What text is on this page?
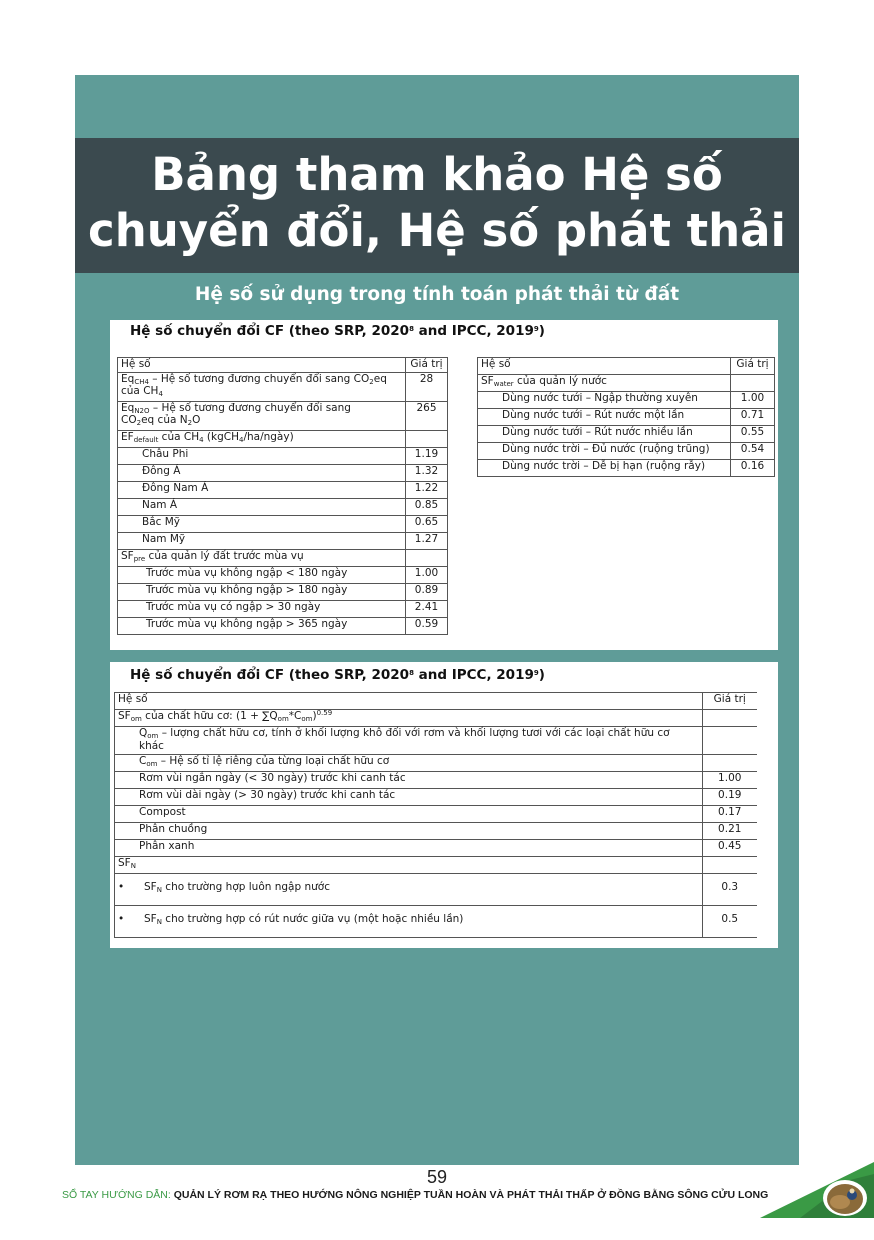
Bảng tham khảo Hệ số
chuyển đổi, Hệ số phát thải
Hệ số sử dụng trong tính toán phát thải từ đất
Hệ số chuyển đổi CF (theo SRP, 2020$^8$ and IPCC, 2019$^9$)
Hệ số	Giá trị
$Eq_{CH4}$ – Hệ số tương đương chuyển đổi sang $CO_2eq$
của $CH_4$	28
$Eq_{N2O}$ – Hệ số tương đương chuyển đổi sang
$CO_2eq$ của $N_2O$	265
$EF_{default}$ của $CH_4$ (kgCH$_4$/ha/ngày)	
Châu Phi	1.19
Đông Á	1.32
Đông Nam Á	1.22
Nam Á	0.85
Bắc Mỹ	0.65
Nam Mỹ	1.27
$SF_{pre}$ của quản lý đất trước mùa vụ	
Trước mùa vụ không ngập < 180 ngày	1.00
Trước mùa vụ không ngập > 180 ngày	0.89
Trước mùa vụ có ngập > 30 ngày	2.41
Trước mùa vụ không ngập > 365 ngày	0.59
Hệ số	Giá trị
$SF_{water}$ của quản lý nước	
Dùng nước tưới – Ngập thường xuyên	1.00
Dùng nước tưới – Rút nước một lần	0.71
Dùng nước tưới – Rút nước nhiều lần	0.55
Dùng nước trời – Đủ nước (ruộng trũng)	0.54
Dùng nước trời – Dễ bị hạn (ruộng rẫy)	0.16
Hệ số chuyển đổi CF (theo SRP, 2020$^8$ and IPCC, 2019$^9$)
Hệ số	Giá trị
$SF_{om}$ của chất hữu cơ: $(1 + \sum Q_{om}*C_{om})^{0.59}$	
$Q_{om}$ – lượng chất hữu cơ, tính ở khối lượng khô đối với rơm và khối lượng tươi với các loại chất hữu cơ
khác	
$C_{om}$ – Hệ số tỉ lệ riêng của từng loại chất hữu cơ	
Rơm vùi ngắn ngày (< 30 ngày) trước khi canh tác	1.00
Rơm vùi dài ngày (> 30 ngày) trước khi canh tác	0.19
Compost	0.17
Phân chuồng	0.21
Phân xanh	0.45
$SF_N$	
• $SF_N$ cho trường hợp luôn ngập nước	0.3
• $SF_N$ cho trường hợp có rút nước giữa vụ (một hoặc nhiều lần)	0.5
59
SỔ TAY HƯỚNG DẪN: QUẢN LÝ RƠM RẠ THEO HƯỚNG NÔNG NGHIỆP TUẦN HOÀN VÀ PHÁT THẢI THẤP Ở ĐỒNG BẰNG SÔNG CỬU LONG
